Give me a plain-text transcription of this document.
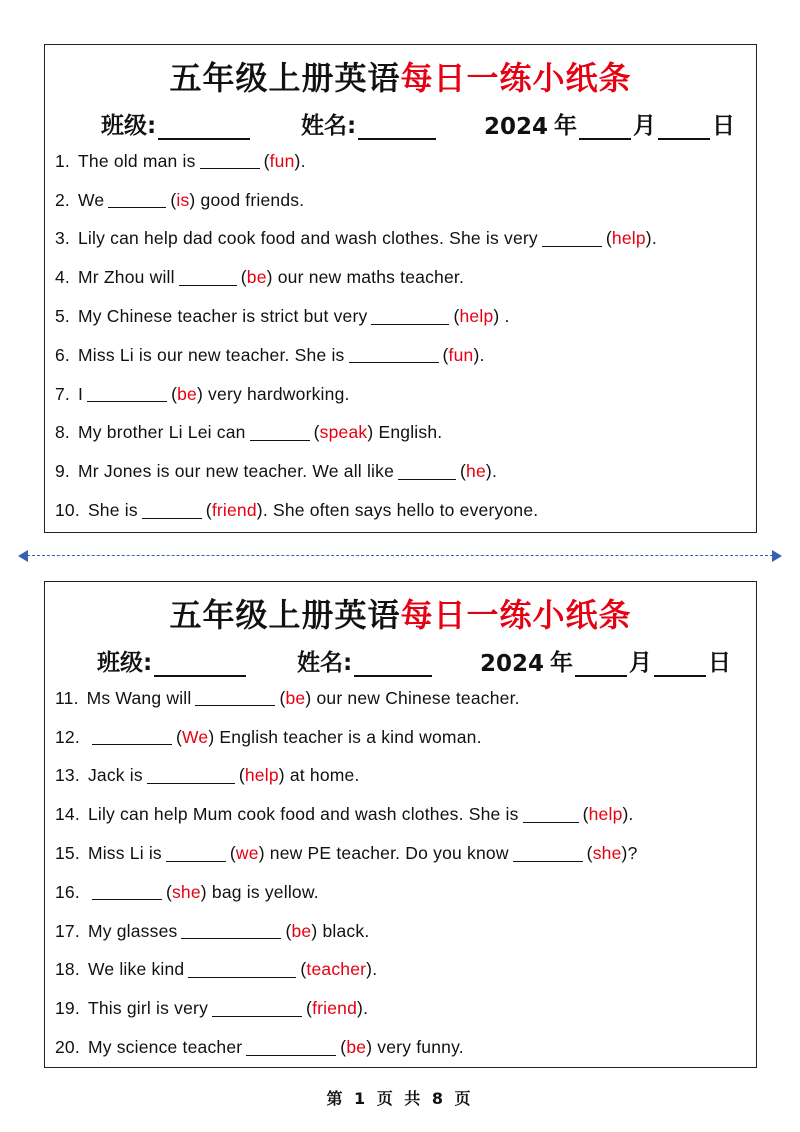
五年级上册英语每日一练小纸条
班级:	姓名:	2024 年 月 日
1. The old man is	( fun ) .
2. We	( is ) good friends.
3. Lily can help dad cook food and wash clothes. She is very	( help ) .
4. Mr Zhou will	( be ) our new maths teacher.
5. My Chinese teacher is strict but very	( help ) .
6. Miss Li is our new teacher. She is	( fun ) .
7. I	( be ) very hardworking.
8. My brother Li Lei can	( speak ) English.
9. Mr Jones is our new teacher. We all like	( he ) .
10. She is	( friend ) . She often says hello to everyone.
五年级上册英语每日一练小纸条
班级:	姓名:	2024 年 月 日
11. Ms Wang will	( be ) our new Chinese teacher.
12.	( We ) English teacher is a kind woman.
13. Jack is	( help ) at home.
14. Lily can help Mum cook food and wash clothes. She is	( help ) .
15. Miss Li is	( we ) new PE teacher. Do you know	( she ) ?
16.	( she ) bag is yellow.
17. My glasses	( be ) black.
18. We like kind	( teacher ) .
19. This girl is very	( friend ) .
20. My science teacher	( be ) very funny.
第 1 页 共 8 页
